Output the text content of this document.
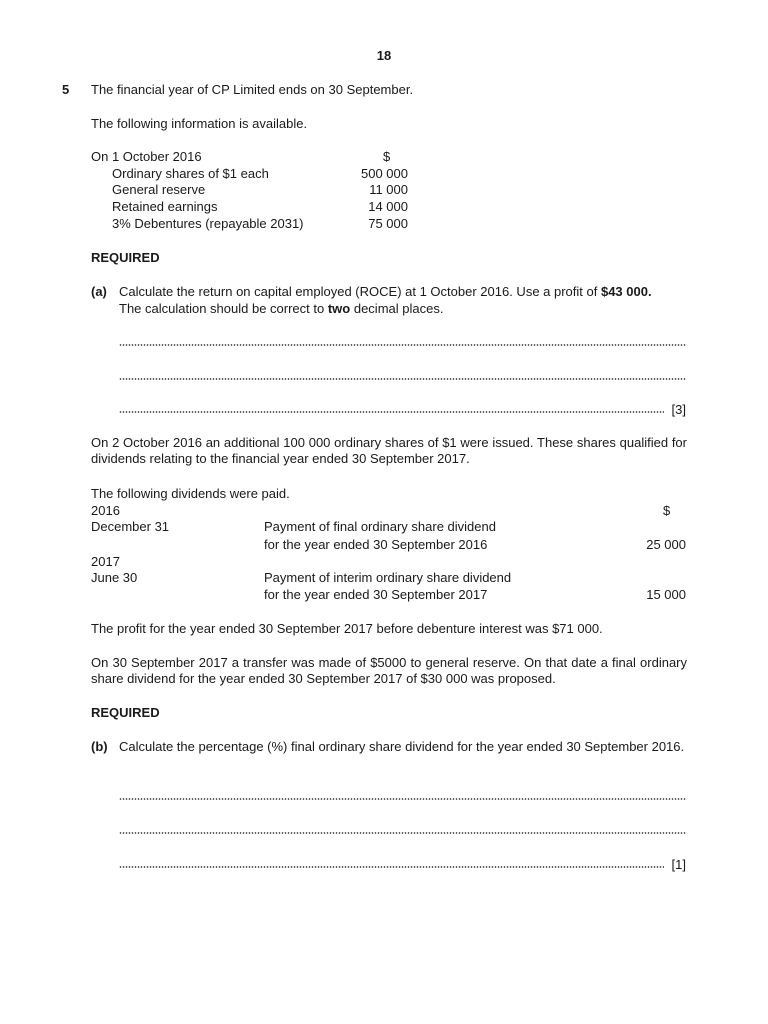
18
5 The financial year of CP Limited ends on 30 September.
The following information is available.
On 1 October 2016	$
Ordinary shares of $1 each	500 000
General reserve	11 000
Retained earnings	14 000
3% Debentures (repayable 2031)	75 000
REQUIRED
(a) Calculate the return on capital employed (ROCE) at 1 October 2016. Use a profit of $43 000.
The calculation should be correct to two decimal places.
[3]
On 2 October 2016 an additional 100 000 ordinary shares of $1 were issued. These shares qualified for dividends relating to the financial year ended 30 September 2017.
The following dividends were paid.
2016	$
December 31	Payment of final ordinary share dividend
for the year ended 30 September 2016	25 000
2017
June 30	Payment of interim ordinary share dividend
for the year ended 30 September 2017	15 000
The profit for the year ended 30 September 2017 before debenture interest was $71 000.
On 30 September 2017 a transfer was made of $5000 to general reserve. On that date a final ordinary share dividend for the year ended 30 September 2017 of $30 000 was proposed.
REQUIRED
(b) Calculate the percentage (%) final ordinary share dividend for the year ended 30 September 2016.
[1]
